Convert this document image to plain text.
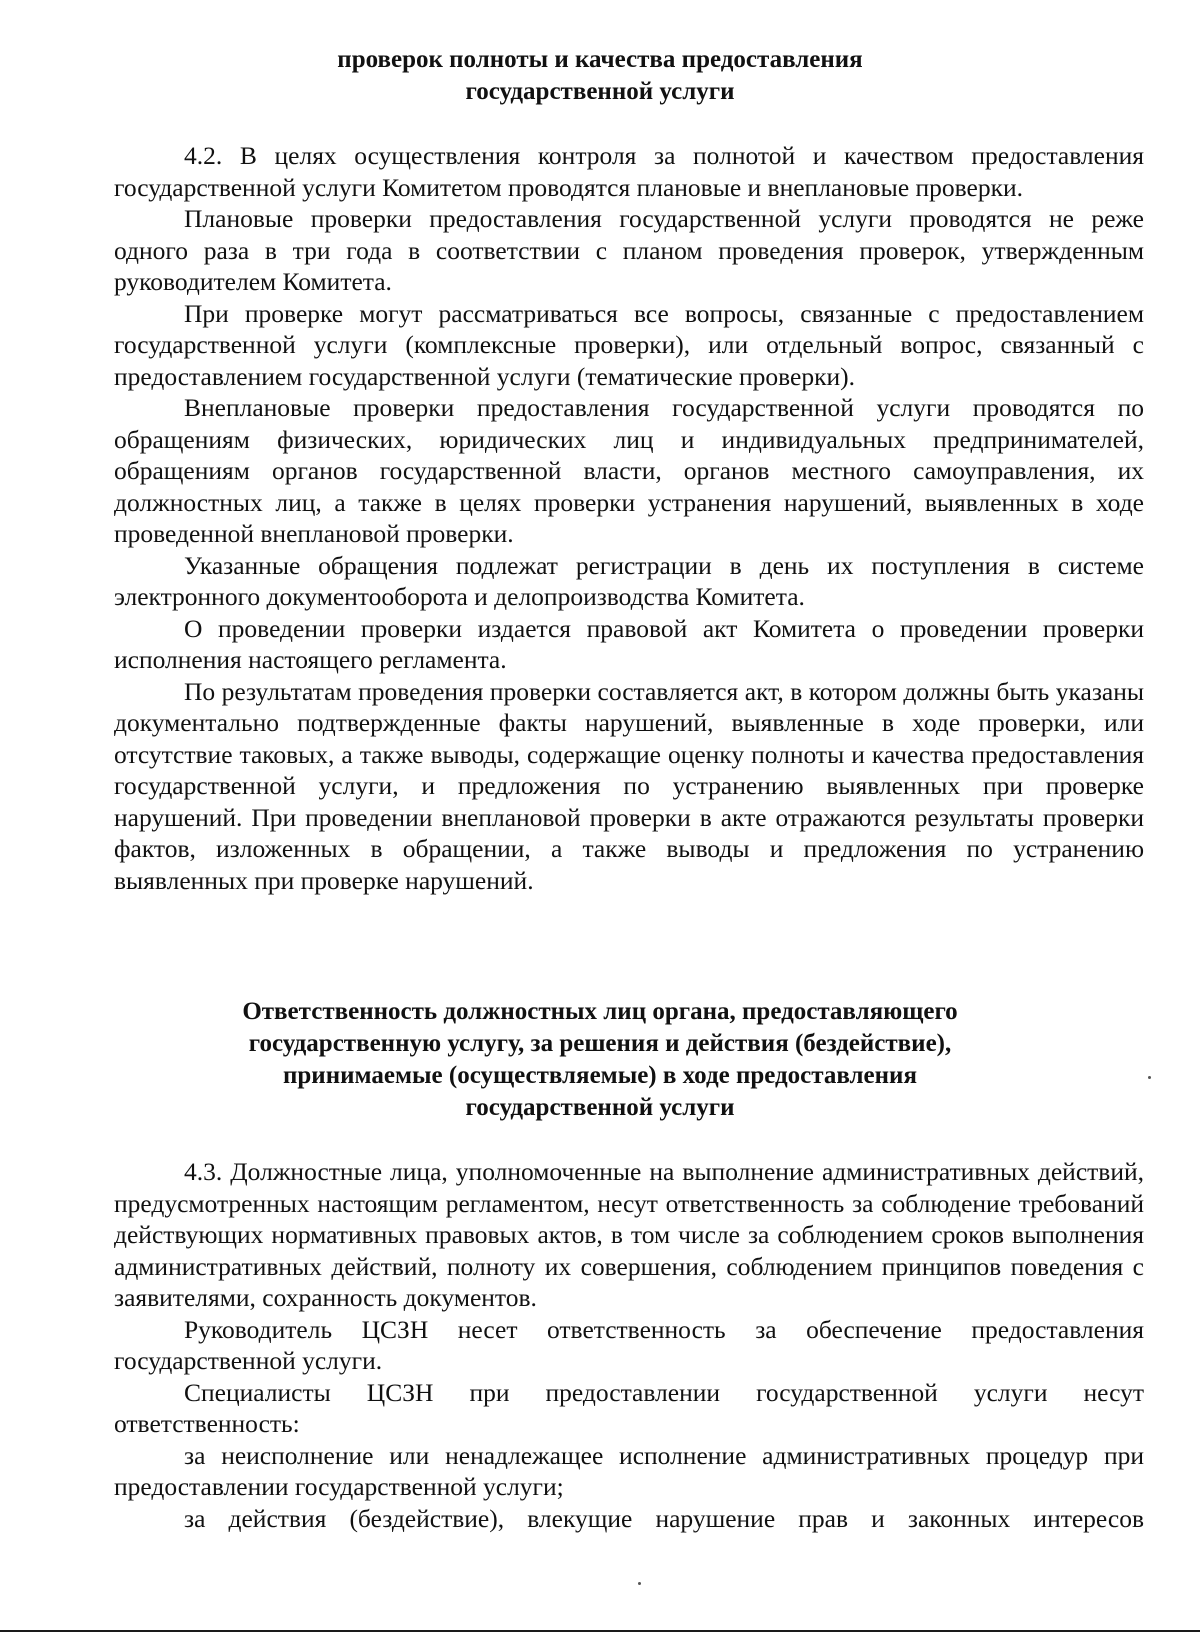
проверок полноты и качества предоставления
государственной услуги

4.2. В целях осуществления контроля за полнотой и качеством предоставления государственной услуги Комитетом проводятся плановые и внеплановые проверки.

Плановые проверки предоставления государственной услуги проводятся не реже одного раза в три года в соответствии с планом проведения проверок, утвержденным руководителем Комитета.

При проверке могут рассматриваться все вопросы, связанные с предоставлением государственной услуги (комплексные проверки), или отдельный вопрос, связанный с предоставлением государственной услуги (тематические проверки).

Внеплановые проверки предоставления государственной услуги проводятся по обращениям физических, юридических лиц и индивидуальных предпринимателей, обращениям органов государственной власти, органов местного самоуправления, их должностных лиц, а также в целях проверки устранения нарушений, выявленных в ходе проведенной внеплановой проверки.

Указанные обращения подлежат регистрации в день их поступления в системе электронного документооборота и делопроизводства Комитета.

О проведении проверки издается правовой акт Комитета о проведении проверки исполнения настоящего регламента.

По результатам проведения проверки составляется акт, в котором должны быть указаны документально подтвержденные факты нарушений, выявленные в ходе проверки, или отсутствие таковых, а также выводы, содержащие оценку полноты и качества предоставления государственной услуги, и предложения по устранению выявленных при проверке нарушений. При проведении внеплановой проверки в акте отражаются результаты проверки фактов, изложенных в обращении, а также выводы и предложения по устранению выявленных при проверке нарушений.

Ответственность должностных лиц органа, предоставляющего
государственную услугу, за решения и действия (бездействие),
принимаемые (осуществляемые) в ходе предоставления
государственной услуги

4.3. Должностные лица, уполномоченные на выполнение административных действий, предусмотренных настоящим регламентом, несут ответственность за соблюдение требований действующих нормативных правовых актов, в том числе за соблюдением сроков выполнения административных действий, полноту их совершения, соблюдением принципов поведения с заявителями, сохранность документов.

Руководитель ЦСЗН несет ответственность за обеспечение предоставления государственной услуги.

Специалисты ЦСЗН при предоставлении государственной услуги несут ответственность:

за неисполнение или ненадлежащее исполнение административных процедур при предоставлении государственной услуги;

за действия (бездействие), влекущие нарушение прав и законных интересов
